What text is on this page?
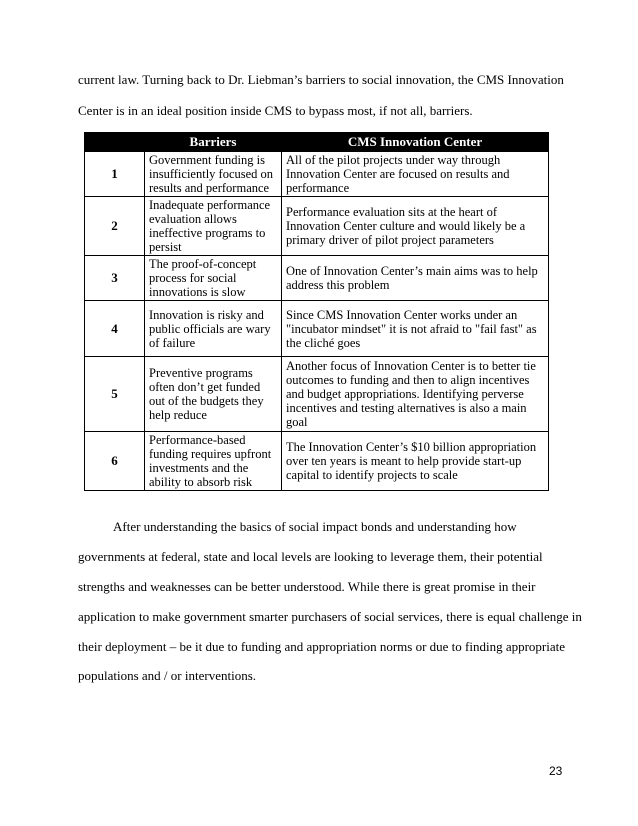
current law. Turning back to Dr. Liebman’s barriers to social innovation, the CMS Innovation
Center is in an ideal position inside CMS to bypass most, if not all, barriers.
	Barriers	CMS Innovation Center
1	Government funding is insufficiently focused on results and performance	All of the pilot projects under way through Innovation Center are focused on results and performance
2	Inadequate performance evaluation allows ineffective programs to persist	Performance evaluation sits at the heart of Innovation Center culture and would likely be a primary driver of pilot project parameters
3	The proof-of-concept process for social innovations is slow	One of Innovation Center’s main aims was to help address this problem
4	Innovation is risky and public officials are wary of failure	Since CMS Innovation Center works under an "incubator mindset" it is not afraid to "fail fast" as the cliché goes
5	Preventive programs often don’t get funded out of the budgets they help reduce	Another focus of Innovation Center is to better tie outcomes to funding and then to align incentives and budget appropriations. Identifying perverse incentives and testing alternatives is also a main goal
6	Performance-based funding requires upfront investments and the ability to absorb risk	The Innovation Center’s $10 billion appropriation over ten years is meant to help provide start-up capital to identify projects to scale
After understanding the basics of social impact bonds and understanding how
governments at federal, state and local levels are looking to leverage them, their potential
strengths and weaknesses can be better understood. While there is great promise in their
application to make government smarter purchasers of social services, there is equal challenge in
their deployment – be it due to funding and appropriation norms or due to finding appropriate
populations and / or interventions.
23
